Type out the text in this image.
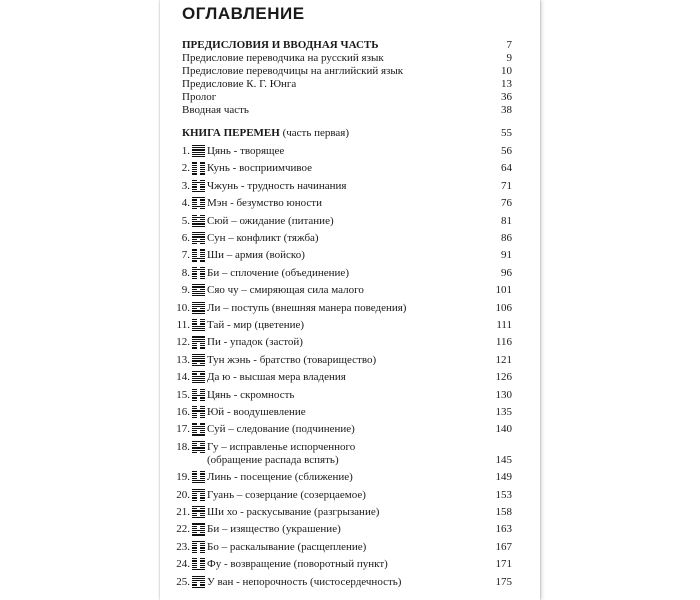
ОГЛАВЛЕНИЕ
ПРЕДИСЛОВИЯ И ВВОДНАЯ ЧАСТЬ	7
Предисловие переводчика на русский язык	9
Предисловие переводчицы на английский язык	10
Предисловие К. Г. Юнга	13
Пролог	36
Вводная часть	38
КНИГА ПЕРЕМЕН (часть первая)	55
1. Цянь - творящее	56
2. Кунь - восприимчивое	64
3. Чжунь - трудность начинания	71
4. Мэн - безумство юности	76
5. Сюй – ожидание (питание)	81
6. Сун – конфликт (тяжба)	86
7. Ши – армия (войско)	91
8. Би – сплочение (объединение)	96
9. Сяо чу – смиряющая сила малого	101
10. Ли – поступь (внешняя манера поведения)	106
11. Тай - мир (цветение)	111
12. Пи - упадок (застой)	116
13. Тун жэнь - братство (товарищество)	121
14. Да ю - высшая мера владения	126
15. Цянь - скромность	130
16. Юй - воодушевление	135
17. Суй – следование (подчинение)	140
18. Гу – исправленье испорченного
(обращение распада вспять)	145
19. Линь - посещение (сближение)	149
20. Гуань – созерцание (созерцаемое)	153
21. Ши хо - раскусывание (разгрызание)	158
22. Би – изящество (украшение)	163
23. Бо – раскалывание (расщепление)	167
24. Фу - возвращение (поворотный пункт)	171
25. У ван - непорочность (чистосердечность)	175
